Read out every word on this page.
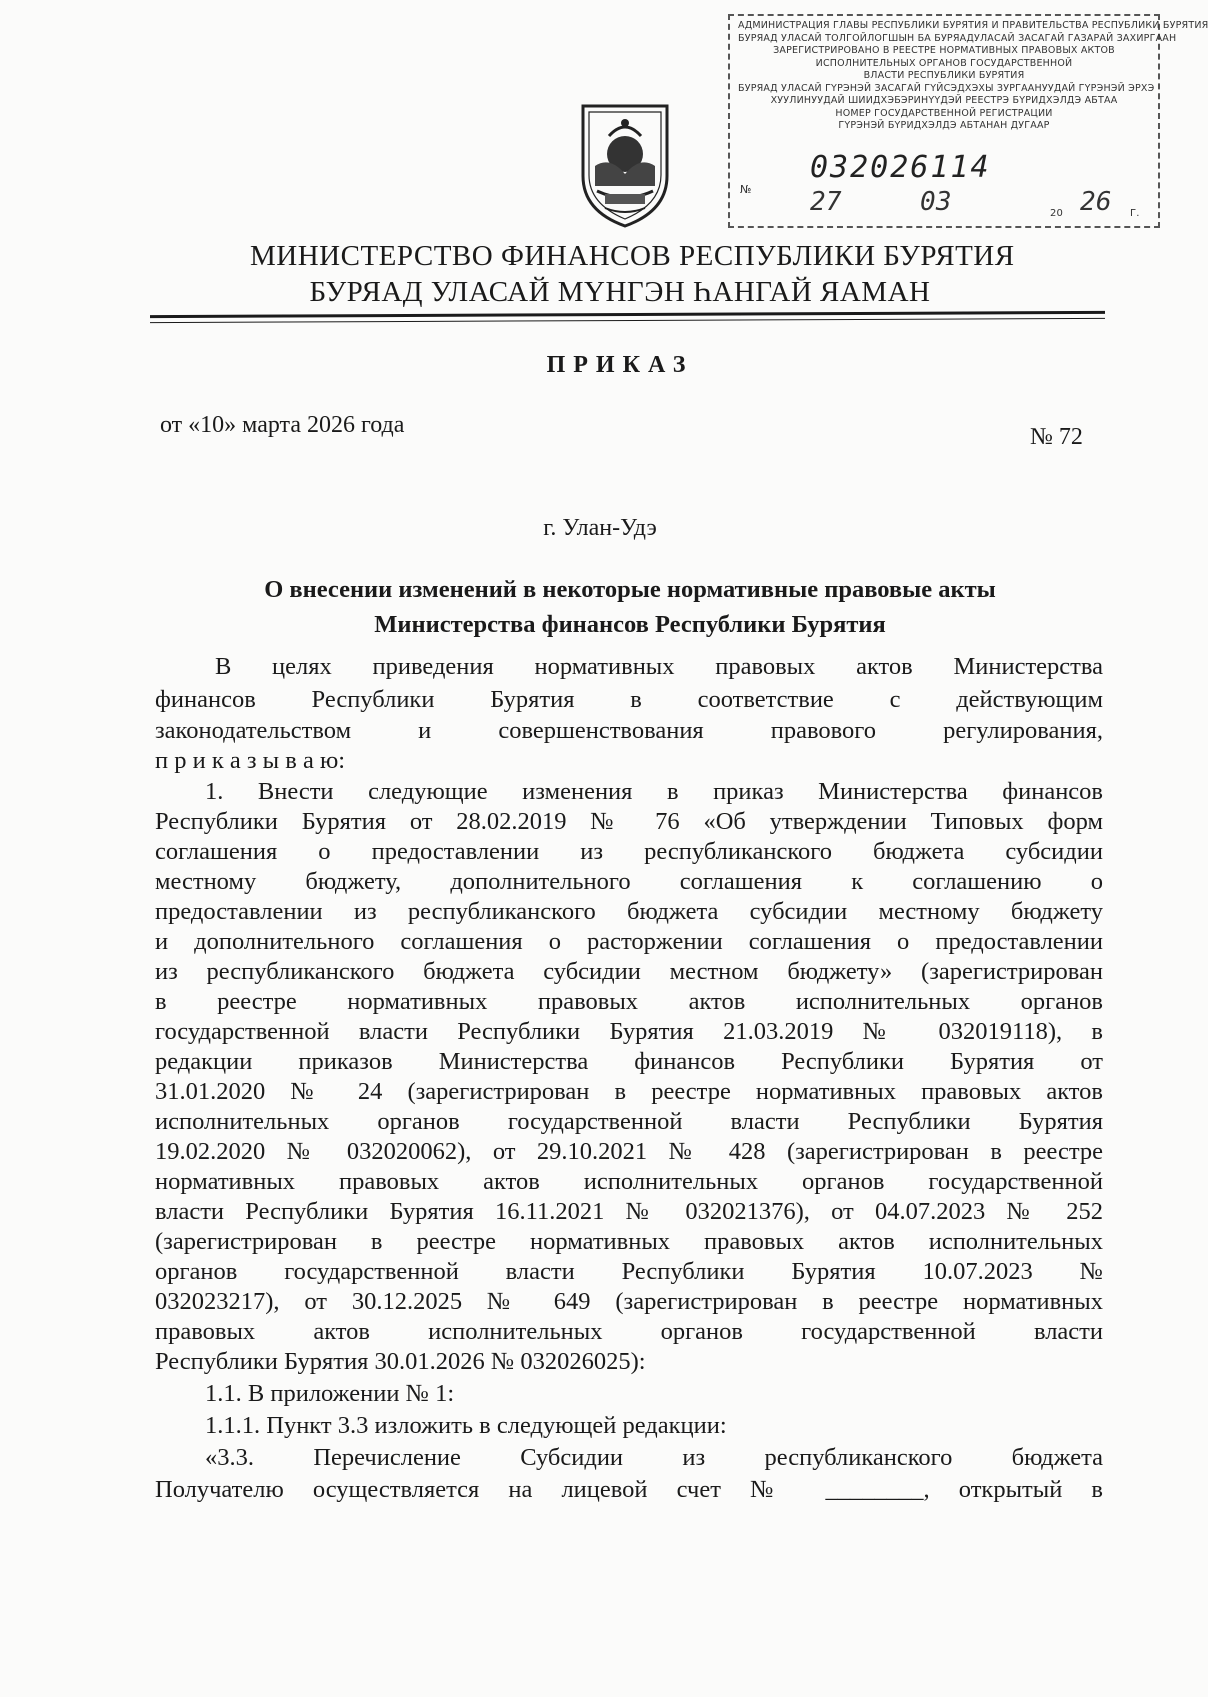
АДМИНИСТРАЦИЯ ГЛАВЫ РЕСПУБЛИКИ БУРЯТИЯ И ПРАВИТЕЛЬСТВА РЕСПУБЛИКИ БУРЯТИЯ
БУРЯАД УЛАСАЙ ТОЛГОЙЛОГШЫН БА БУРЯАДУЛАСАЙ ЗАСАГАЙ ГАЗАРАЙ ЗАХИРГААН
ЗАРЕГИСТРИРОВАНО В РЕЕСТРЕ НОРМАТИВНЫХ ПРАВОВЫХ АКТОВ
ИСПОЛНИТЕЛЬНЫХ ОРГАНОВ ГОСУДАРСТВЕННОЙ
ВЛАСТИ РЕСПУБЛИКИ БУРЯТИЯ
БУРЯАД УЛАСАЙ ГҮРЭНЭЙ ЗАСАГАЙ ГҮЙСЭДХЭХЫ ЗУРГААНУУДАЙ ГҮРЭНЭЙ ЭРХЭ
ХУУЛИНУУДАЙ ШИИДХЭБЭРИНҮҮДЭЙ РЕЕСТРЭ БҮРИДХЭЛДЭ АБТАА
НОМЕР ГОСУДАРСТВЕННОЙ РЕГИСТРАЦИИ
ГҮРЭНЭЙ БҮРИДХЭЛДЭ АБТАHАН ДУГААР
№
032026114
27	03	20 26 Г.
МИНИСТЕРСТВО ФИНАНСОВ РЕСПУБЛИКИ БУРЯТИЯ
БУРЯАД УЛАСАЙ МҮНГЭН ҺАНГАЙ ЯАМАН
ПРИКАЗ
от «10» марта 2026 года	№ 72
г. Улан-Удэ
О внесении изменений в некоторые нормативные правовые акты
Министерства финансов Республики Бурятия
В целях приведения нормативных правовых актов Министерства
финансов Республики Бурятия в соответствие с действующим
законодательством и совершенствования правового регулирования,
п р и к а з ы в а ю:
1. Внести следующие изменения в приказ Министерства финансов
Республики Бурятия от 28.02.2019 № 76 «Об утверждении Типовых форм
соглашения о предоставлении из республиканского бюджета субсидии
местному бюджету, дополнительного соглашения к соглашению о
предоставлении из республиканского бюджета субсидии местному бюджету
и дополнительного соглашения о расторжении соглашения о предоставлении
из республиканского бюджета субсидии местном бюджету» (зарегистрирован
в реестре нормативных правовых актов исполнительных органов
государственной власти Республики Бурятия 21.03.2019 № 032019118), в
редакции приказов Министерства финансов Республики Бурятия от
31.01.2020 № 24 (зарегистрирован в реестре нормативных правовых актов
исполнительных органов государственной власти Республики Бурятия
19.02.2020 № 032020062), от 29.10.2021 № 428 (зарегистрирован в реестре
нормативных правовых актов исполнительных органов государственной
власти Республики Бурятия 16.11.2021 № 032021376), от 04.07.2023 № 252
(зарегистрирован в реестре нормативных правовых актов исполнительных
органов государственной власти Республики Бурятия 10.07.2023 №
032023217), от 30.12.2025 № 649 (зарегистрирован в реестре нормативных
правовых актов исполнительных органов государственной власти
Республики Бурятия 30.01.2026 № 032026025):
1.1. В приложении № 1:
1.1.1. Пункт 3.3 изложить в следующей редакции:
«3.3. Перечисление Субсидии из республиканского бюджета
Получателю осуществляется на лицевой счет № ________, открытый в
